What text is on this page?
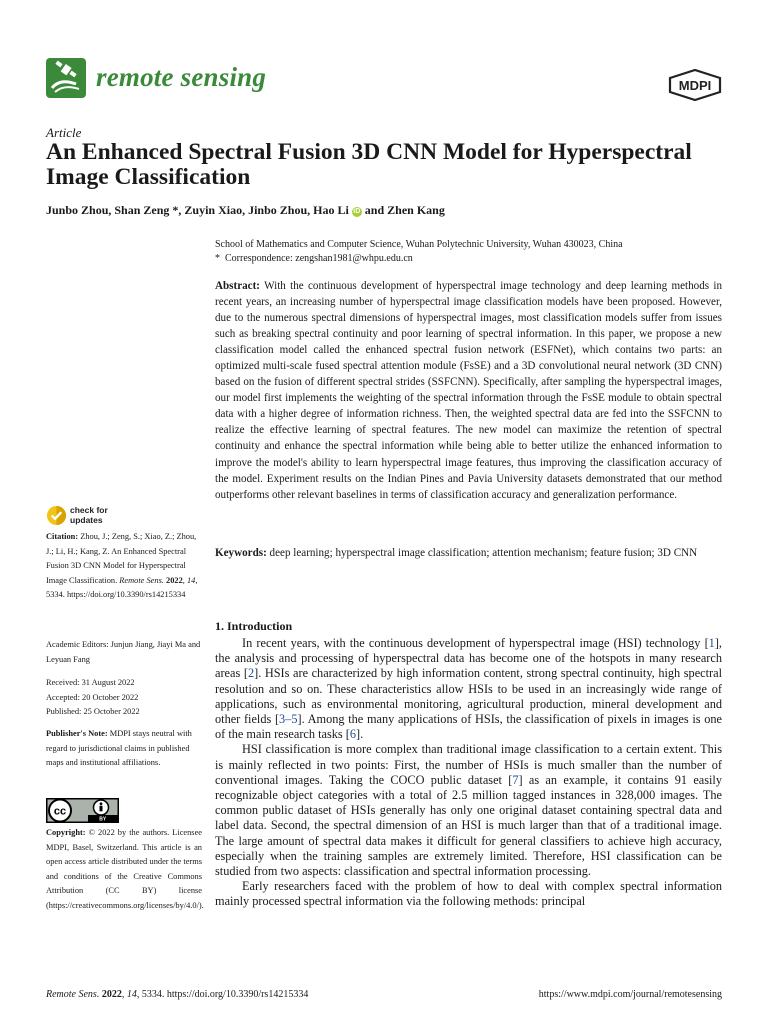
remote sensing	MDPI
Article
An Enhanced Spectral Fusion 3D CNN Model for Hyperspectral Image Classification
Junbo Zhou, Shan Zeng *, Zuyin Xiao, Jinbo Zhou, Hao Li iD and Zhen Kang
School of Mathematics and Computer Science, Wuhan Polytechnic University, Wuhan 430023, China
* Correspondence: zengshan1981@whpu.edu.cn
Abstract: With the continuous development of hyperspectral image technology and deep learning methods in recent years, an increasing number of hyperspectral image classification models have been proposed. However, due to the numerous spectral dimensions of hyperspectral images, most classification models suffer from issues such as breaking spectral continuity and poor learning of spectral information. In this paper, we propose a new classification model called the enhanced spectral fusion network (ESFNet), which contains two parts: an optimized multi-scale fused spectral attention module (FsSE) and a 3D convolutional neural network (3D CNN) based on the fusion of different spectral strides (SSFCNN). Specifically, after sampling the hyperspectral images, our model first implements the weighting of the spectral information through the FsSE module to obtain spectral data with a higher degree of information richness. Then, the weighted spectral data are fed into the SSFCNN to realize the effective learning of spectral features. The new model can maximize the retention of spectral continuity and enhance the spectral information while being able to better utilize the enhanced information to improve the model's ability to learn hyperspectral image features, thus improving the classification accuracy of the model. Experiment results on the Indian Pines and Pavia University datasets demonstrated that our method outperforms other relevant baselines in terms of classification accuracy and generalization performance.
Keywords: deep learning; hyperspectral image classification; attention mechanism; feature fusion; 3D CNN
check for
updates
Citation: Zhou, J.; Zeng, S.; Xiao, Z.; Zhou, J.; Li, H.; Kang, Z. An Enhanced Spectral Fusion 3D CNN Model for Hyperspectral Image Classification. Remote Sens. 2022, 14, 5334. https://doi.org/10.3390/rs14215334
Academic Editors: Junjun Jiang, Jiayi Ma and Leyuan Fang
Received: 31 August 2022
Accepted: 20 October 2022
Published: 25 October 2022
Publisher's Note: MDPI stays neutral with regard to jurisdictional claims in published maps and institutional affiliations.
cc
BY
Copyright: © 2022 by the authors. Licensee MDPI, Basel, Switzerland. This article is an open access article distributed under the terms and conditions of the Creative Commons Attribution (CC BY) license (https://creativecommons.org/licenses/by/4.0/).
1. Introduction

In recent years, with the continuous development of hyperspectral image (HSI) technology [1], the analysis and processing of hyperspectral data has become one of the hotspots in many research areas [2]. HSIs are characterized by high information content, strong spectral continuity, high spectral resolution and so on. These characteristics allow HSIs to be used in an increasingly wide range of applications, such as environmental monitoring, agricultural production, mineral development and other fields [3–5]. Among the many applications of HSIs, the classification of pixels in images is one of the main research tasks [6].

HSI classification is more complex than traditional image classification to a certain extent. This is mainly reflected in two points: First, the number of HSIs is much smaller than the number of conventional images. Taking the COCO public dataset [7] as an example, it contains 91 easily recognizable object categories with a total of 2.5 million tagged instances in 328,000 images. The common public dataset of HSIs generally has only one original dataset containing spectral data and label data. Second, the spectral dimension of an HSI is much larger than that of a traditional image. The large amount of spectral data makes it difficult for general classifiers to achieve high accuracy, especially when the training samples are extremely limited. Therefore, HSI classification can be studied from two aspects: classification and spectral information processing.

Early researchers faced with the problem of how to deal with complex spectral information mainly processed spectral information via the following methods: principal

Remote Sens. 2022, 14, 5334. https://doi.org/10.3390/rs14215334	https://www.mdpi.com/journal/remotesensing
